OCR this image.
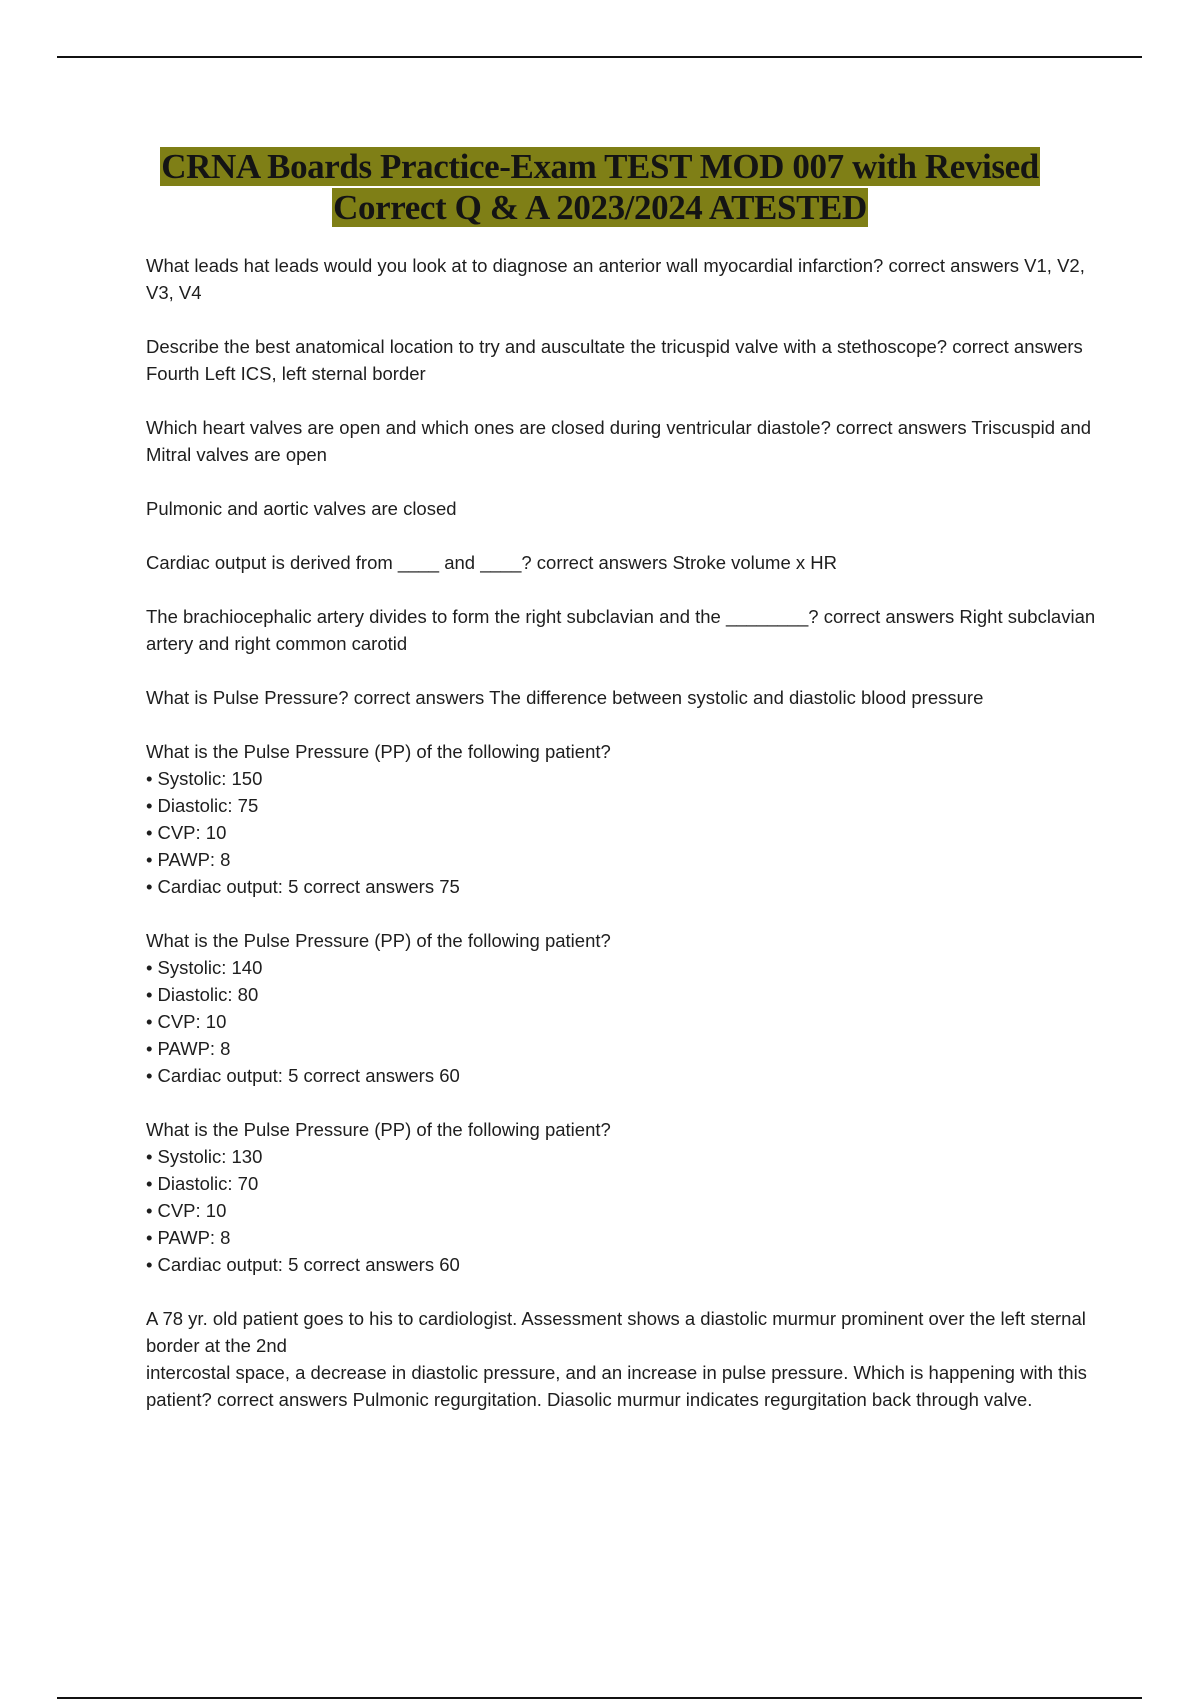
CRNA Boards Practice-Exam TEST MOD 007 with Revised
Correct Q & A 2023/2024 ATESTED

What leads hat leads would you look at to diagnose an anterior wall myocardial infarction? correct answers V1, V2, V3, V4

Describe the best anatomical location to try and auscultate the tricuspid valve with a stethoscope? correct answers Fourth Left ICS, left sternal border

Which heart valves are open and which ones are closed during ventricular diastole? correct answers Triscuspid and Mitral valves are open

Pulmonic and aortic valves are closed

Cardiac output is derived from ____ and ____? correct answers Stroke volume x HR

The brachiocephalic artery divides to form the right subclavian and the ________? correct answers Right subclavian artery and right common carotid

What is Pulse Pressure? correct answers The difference between systolic and diastolic blood pressure

What is the Pulse Pressure (PP) of the following patient?
• Systolic: 150
• Diastolic: 75
• CVP: 10
• PAWP: 8
• Cardiac output: 5 correct answers 75
What is the Pulse Pressure (PP) of the following patient?
• Systolic: 140
• Diastolic: 80
• CVP: 10
• PAWP: 8
• Cardiac output: 5 correct answers 60
What is the Pulse Pressure (PP) of the following patient?
• Systolic: 130
• Diastolic: 70
• CVP: 10
• PAWP: 8
• Cardiac output: 5 correct answers 60
A 78 yr. old patient goes to his to cardiologist. Assessment shows a diastolic murmur prominent over the left sternal border at the 2nd
intercostal space, a decrease in diastolic pressure, and an increase in pulse pressure. Which is happening with this patient? correct answers Pulmonic regurgitation. Diasolic murmur indicates regurgitation back through valve.
